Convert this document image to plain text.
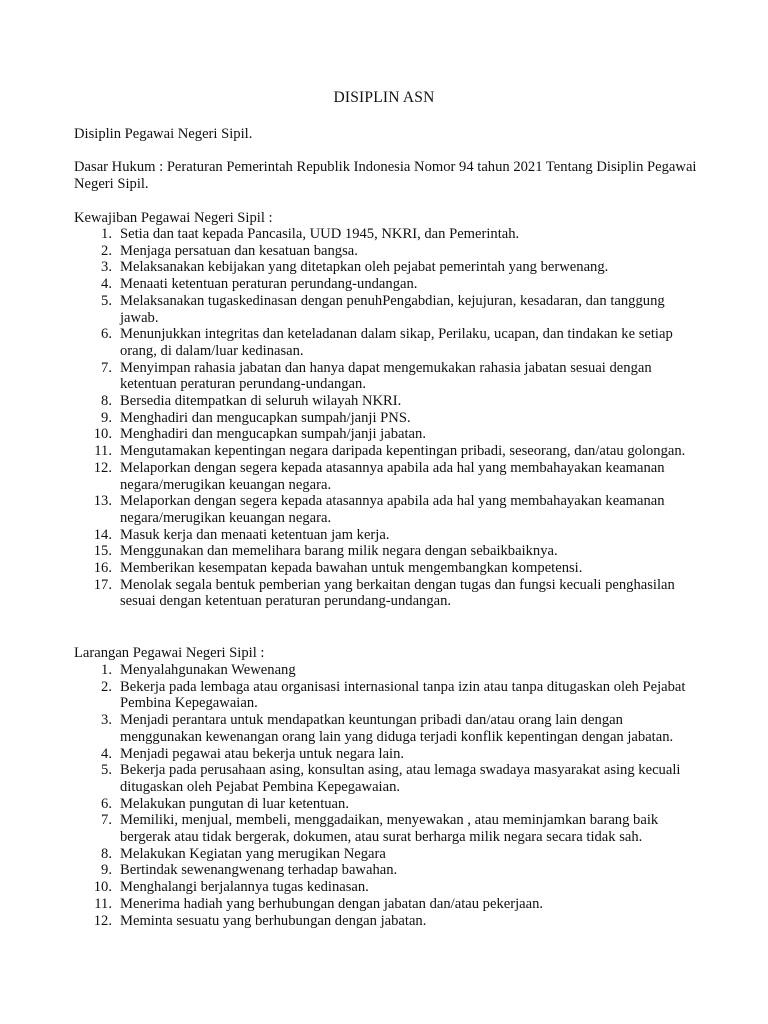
DISIPLIN ASN

Disiplin Pegawai Negeri Sipil.

Dasar Hukum : Peraturan Pemerintah Republik Indonesia Nomor 94 tahun 2021 Tentang Disiplin Pegawai Negeri Sipil.

Kewajiban Pegawai Negeri Sipil :

1. Setia dan taat kepada Pancasila, UUD 1945, NKRI, dan Pemerintah.
2. Menjaga persatuan dan kesatuan bangsa.
3. Melaksanakan kebijakan yang ditetapkan oleh pejabat pemerintah yang berwenang.
4. Menaati ketentuan peraturan perundang-undangan.
5. Melaksanakan tugaskedinasan dengan penuhPengabdian, kejujuran, kesadaran, dan tanggung jawab.
6. Menunjukkan integritas dan keteladanan dalam sikap, Perilaku, ucapan, dan tindakan ke setiap orang, di dalam/luar kedinasan.
7. Menyimpan rahasia jabatan dan hanya dapat mengemukakan rahasia jabatan sesuai dengan ketentuan peraturan perundang-undangan.
8. Bersedia ditempatkan di seluruh wilayah NKRI.
9. Menghadiri dan mengucapkan sumpah/janji PNS.
10. Menghadiri dan mengucapkan sumpah/janji jabatan.
11. Mengutamakan kepentingan negara daripada kepentingan pribadi, seseorang, dan/atau golongan.
12. Melaporkan dengan segera kepada atasannya apabila ada hal yang membahayakan keamanan negara/merugikan keuangan negara.
13. Melaporkan dengan segera kepada atasannya apabila ada hal yang membahayakan keamanan negara/merugikan keuangan negara.
14. Masuk kerja dan menaati ketentuan jam kerja.
15. Menggunakan dan memelihara barang milik negara dengan sebaikbaiknya.
16. Memberikan kesempatan kepada bawahan untuk mengembangkan kompetensi.
17. Menolak segala bentuk pemberian yang berkaitan dengan tugas dan fungsi kecuali penghasilan sesuai dengan ketentuan peraturan perundang-undangan.

Larangan Pegawai Negeri Sipil :

1. Menyalahgunakan Wewenang
2. Bekerja pada lembaga atau organisasi internasional tanpa izin atau tanpa ditugaskan oleh Pejabat Pembina Kepegawaian.
3. Menjadi perantara untuk mendapatkan keuntungan pribadi dan/atau orang lain dengan menggunakan kewenangan orang lain yang diduga terjadi konflik kepentingan dengan jabatan.
4. Menjadi pegawai atau bekerja untuk negara lain.
5. Bekerja pada perusahaan asing, konsultan asing, atau lemaga swadaya masyarakat asing kecuali ditugaskan oleh Pejabat Pembina Kepegawaian.
6. Melakukan pungutan di luar ketentuan.
7. Memiliki, menjual, membeli, menggadaikan, menyewakan , atau meminjamkan barang baik bergerak atau tidak bergerak, dokumen, atau surat berharga milik negara secara tidak sah.
8. Melakukan Kegiatan yang merugikan Negara
9. Bertindak sewenangwenang terhadap bawahan.
10. Menghalangi berjalannya tugas kedinasan.
11. Menerima hadiah yang berhubungan dengan jabatan dan/atau pekerjaan.
12. Meminta sesuatu yang berhubungan dengan jabatan.
